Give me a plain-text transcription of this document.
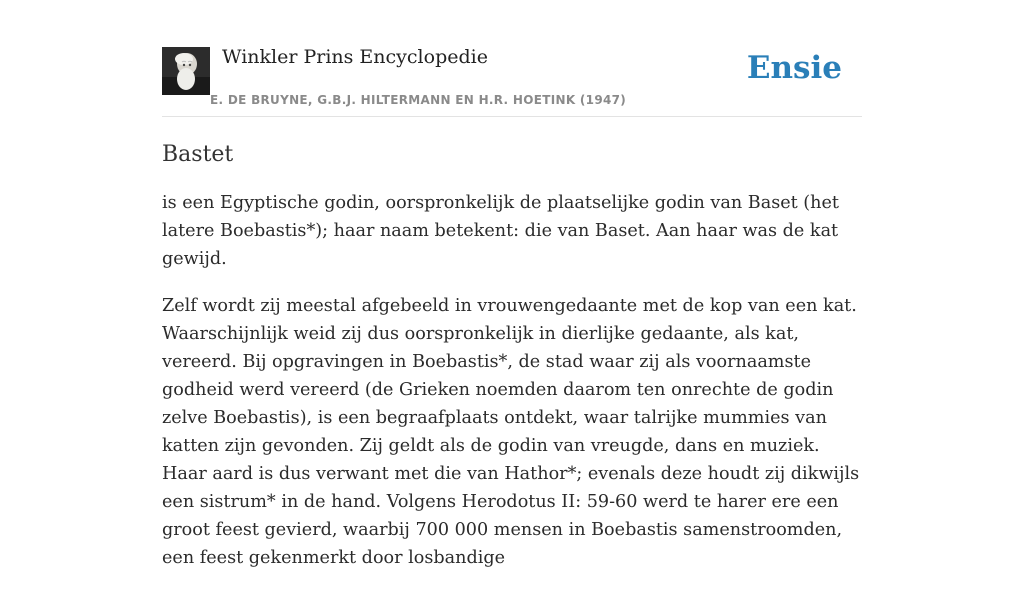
Winkler Prins Encyclopedie
E. DE BRUYNE, G.B.J. HILTERMANN EN H.R. HOETINK (1947)
Ensie
Bastet

is een Egyptische godin, oorspronkelijk de plaatselijke godin van Baset (het latere Boebastis*); haar naam betekent: die van Baset. Aan haar was de kat gewijd.

Zelf wordt zij meestal afgebeeld in vrouwengedaante met de kop van een kat. Waarschijnlijk weid zij dus oorspronkelijk in dierlijke gedaante, als kat, vereerd. Bij opgravingen in Boebastis*, de stad waar zij als voornaamste godheid werd vereerd (de Grieken noemden daarom ten onrechte de godin zelve Boebastis), is een begraafplaats ontdekt, waar talrijke mummies van katten zijn gevonden. Zij geldt als de godin van vreugde, dans en muziek. Haar aard is dus verwant met die van Hathor*; evenals deze houdt zij dikwijls een sistrum* in de hand. Volgens Herodotus II: 59-60 werd te harer ere een groot feest gevierd, waarbij 700 000 mensen in Boebastis samenstroomden, een feest gekenmerkt door losbandige
